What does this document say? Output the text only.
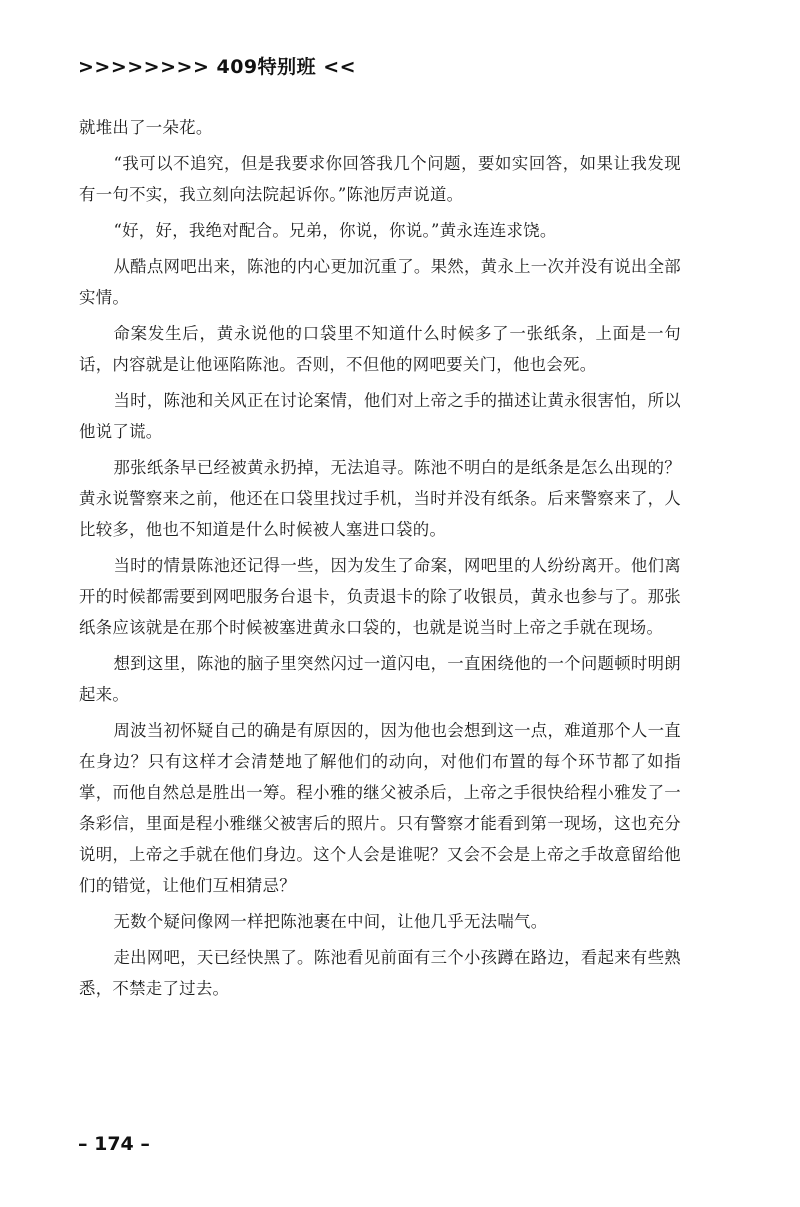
>>>>>>>> 409特别班 <<

就堆出了一朵花。

“我可以不追究，但是我要求你回答我几个问题，要如实回答，如果让我发现有一句不实，我立刻向法院起诉你。”陈池厉声说道。

“好，好，我绝对配合。兄弟，你说，你说。”黄永连连求饶。

从酷点网吧出来，陈池的内心更加沉重了。果然，黄永上一次并没有说出全部实情。

命案发生后，黄永说他的口袋里不知道什么时候多了一张纸条，上面是一句话，内容就是让他诬陷陈池。否则，不但他的网吧要关门，他也会死。

当时，陈池和关风正在讨论案情，他们对上帝之手的描述让黄永很害怕，所以他说了谎。

那张纸条早已经被黄永扔掉，无法追寻。陈池不明白的是纸条是怎么出现的？黄永说警察来之前，他还在口袋里找过手机，当时并没有纸条。后来警察来了，人比较多，他也不知道是什么时候被人塞进口袋的。

当时的情景陈池还记得一些，因为发生了命案，网吧里的人纷纷离开。他们离开的时候都需要到网吧服务台退卡，负责退卡的除了收银员，黄永也参与了。那张纸条应该就是在那个时候被塞进黄永口袋的，也就是说当时上帝之手就在现场。

想到这里，陈池的脑子里突然闪过一道闪电，一直困绕他的一个问题顿时明朗起来。

周波当初怀疑自己的确是有原因的，因为他也会想到这一点，难道那个人一直在身边？只有这样才会清楚地了解他们的动向，对他们布置的每个环节都了如指掌，而他自然总是胜出一筹。程小雅的继父被杀后，上帝之手很快给程小雅发了一条彩信，里面是程小雅继父被害后的照片。只有警察才能看到第一现场，这也充分说明，上帝之手就在他们身边。这个人会是谁呢？又会不会是上帝之手故意留给他们的错觉，让他们互相猜忌？

无数个疑问像网一样把陈池裹在中间，让他几乎无法喘气。

走出网吧，天已经快黑了。陈池看见前面有三个小孩蹲在路边，看起来有些熟悉，不禁走了过去。

– 174 –
